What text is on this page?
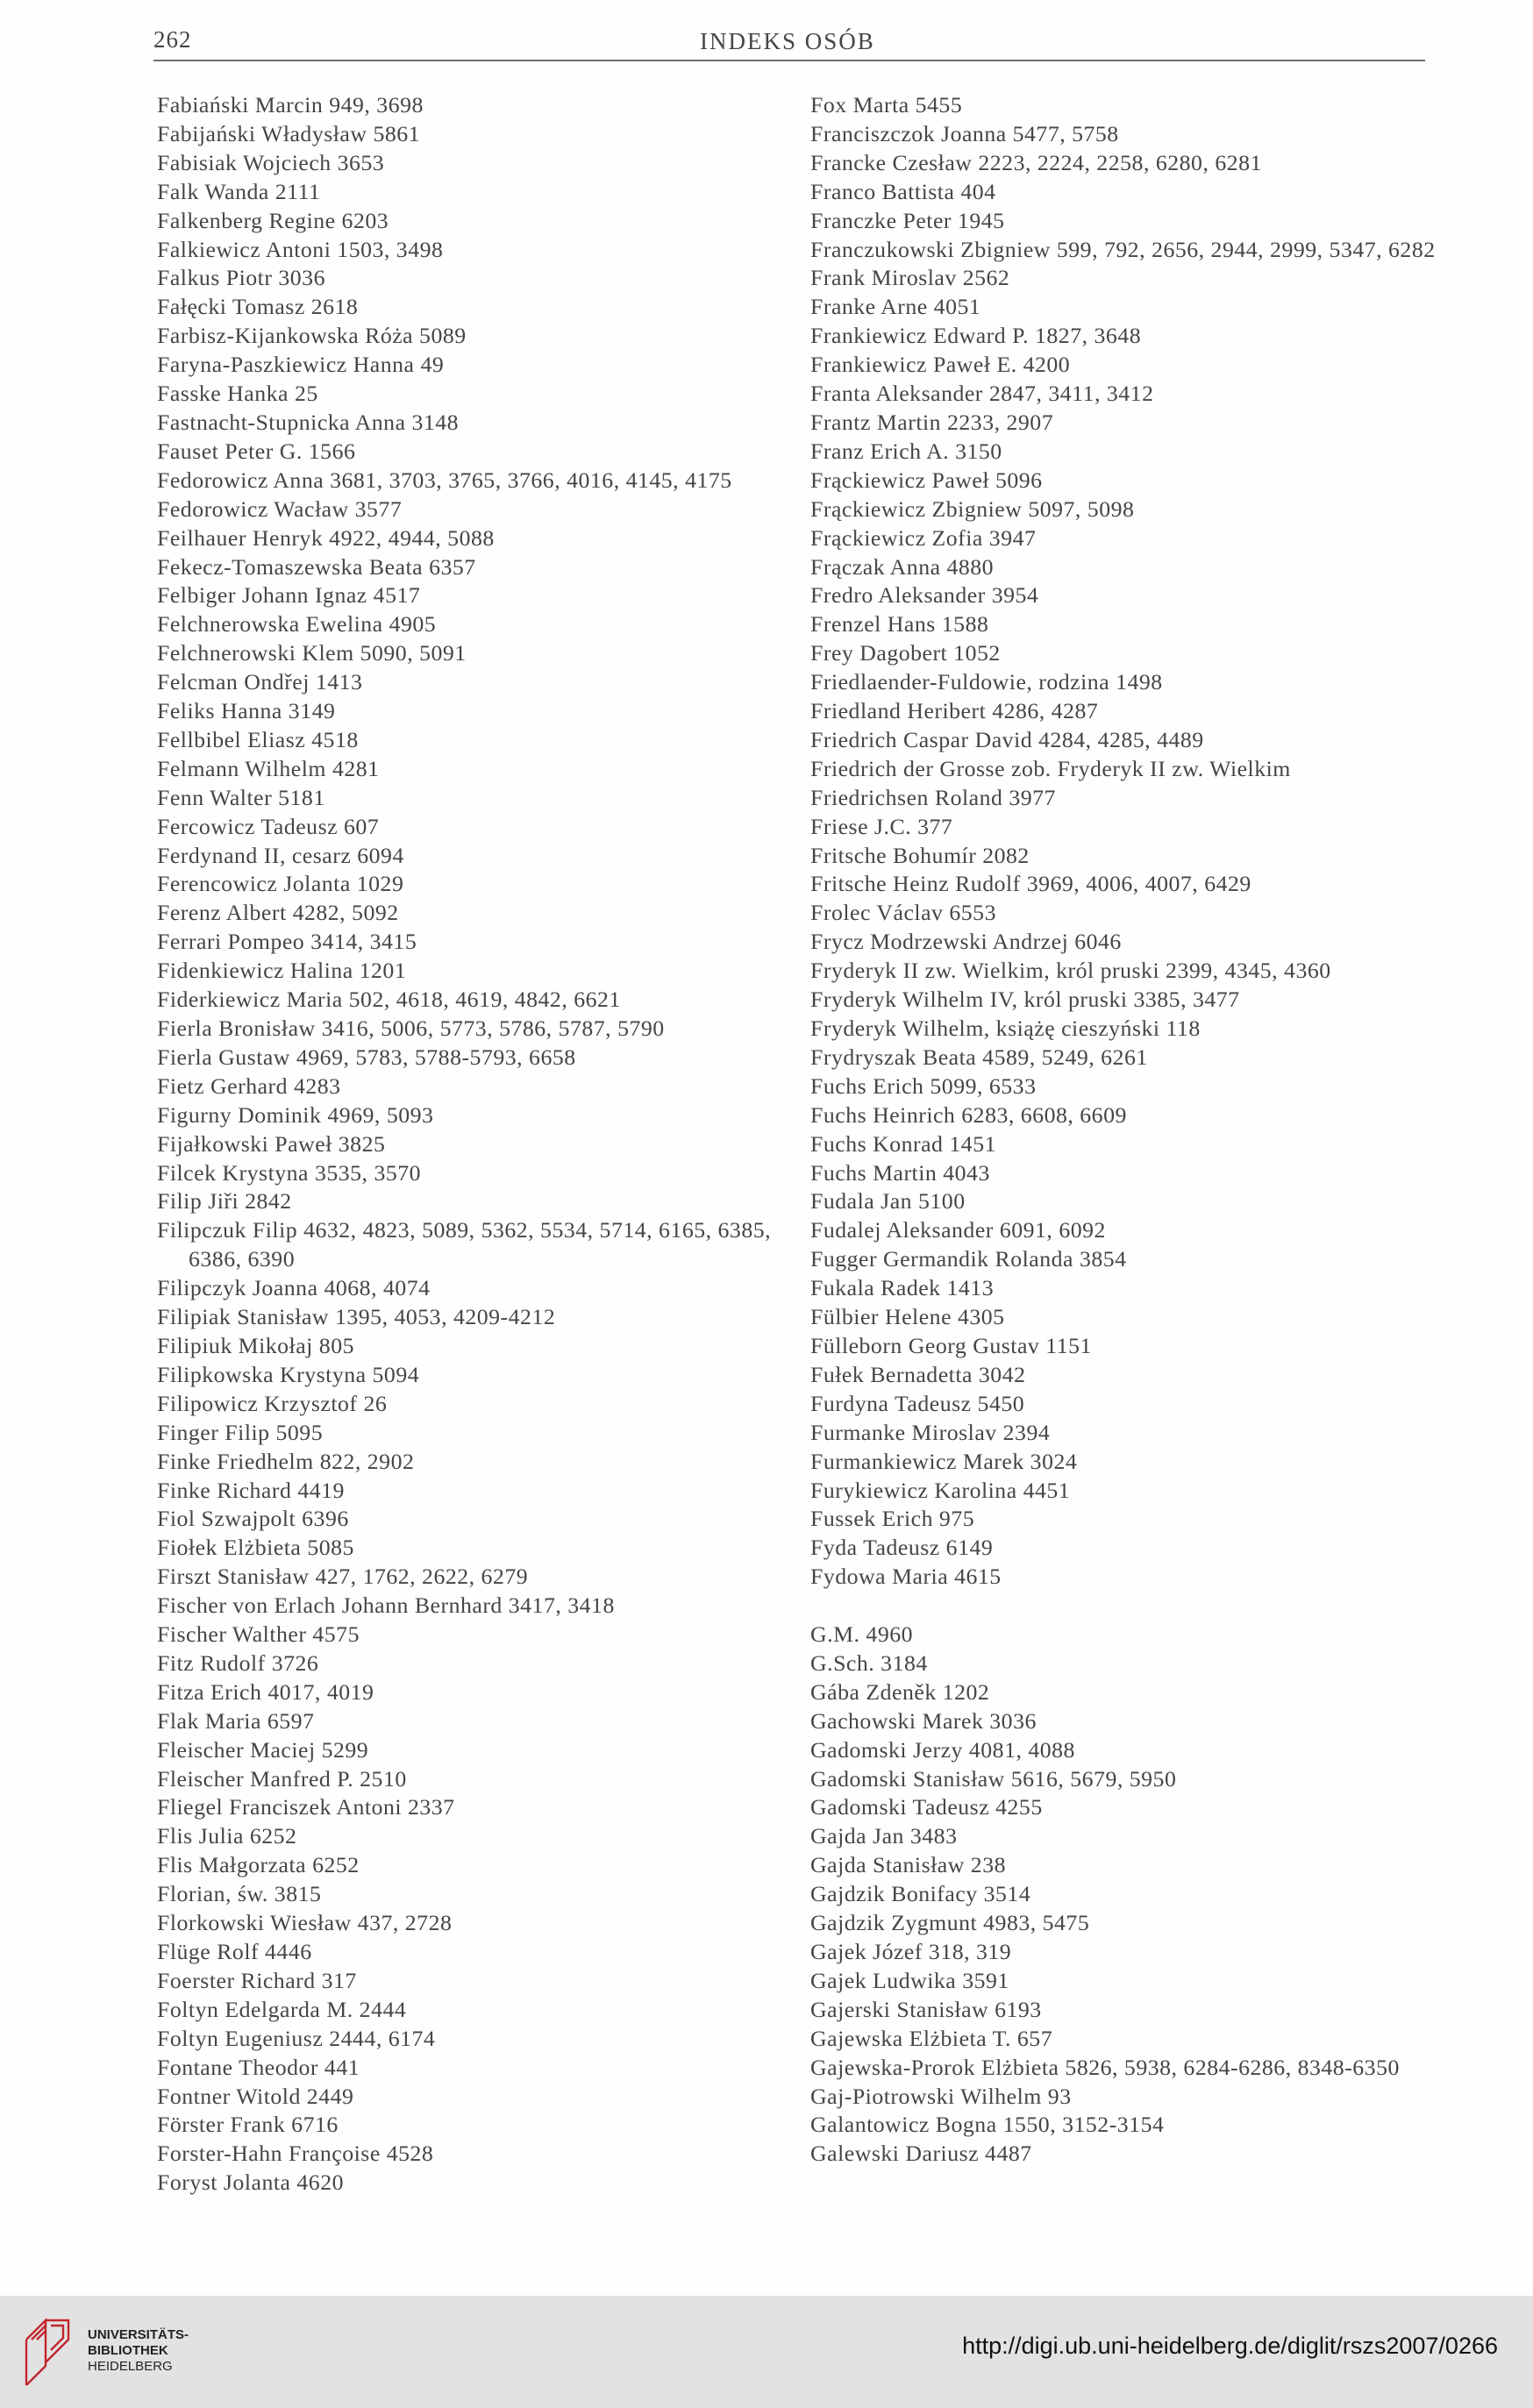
262	INDEKS OSÓB
Fabiański Marcin 949, 3698
Fabijański Władysław 5861
Fabisiak Wojciech 3653
Falk Wanda 2111
Falkenberg Regine 6203
Falkiewicz Antoni 1503, 3498
Falkus Piotr 3036
Fałęcki Tomasz 2618
Farbisz-Kijankowska Róża 5089
Faryna-Paszkiewicz Hanna 49
Fasske Hanka 25
Fastnacht-Stupnicka Anna 3148
Fauset Peter G. 1566
Fedorowicz Anna 3681, 3703, 3765, 3766, 4016, 4145, 4175
Fedorowicz Wacław 3577
Feilhauer Henryk 4922, 4944, 5088
Fekecz-Tomaszewska Beata 6357
Felbiger Johann Ignaz 4517
Felchnerowska Ewelina 4905
Felchnerowski Klem 5090, 5091
Felcman Ondřej 1413
Feliks Hanna 3149
Fellbibel Eliasz 4518
Felmann Wilhelm 4281
Fenn Walter 5181
Fercowicz Tadeusz 607
Ferdynand II, cesarz 6094
Ferencowicz Jolanta 1029
Ferenz Albert 4282, 5092
Ferrari Pompeo 3414, 3415
Fidenkiewicz Halina 1201
Fiderkiewicz Maria 502, 4618, 4619, 4842, 6621
Fierla Bronisław 3416, 5006, 5773, 5786, 5787, 5790
Fierla Gustaw 4969, 5783, 5788-5793, 6658
Fietz Gerhard 4283
Figurny Dominik 4969, 5093
Fijałkowski Paweł 3825
Filcek Krystyna 3535, 3570
Filip Jiři 2842
Filipczuk Filip 4632, 4823, 5089, 5362, 5534, 5714, 6165, 6385, 6386, 6390
Filipczyk Joanna 4068, 4074
Filipiak Stanisław 1395, 4053, 4209-4212
Filipiuk Mikołaj 805
Filipkowska Krystyna 5094
Filipowicz Krzysztof 26
Finger Filip 5095
Finke Friedhelm 822, 2902
Finke Richard 4419
Fiol Szwajpolt 6396
Fiołek Elżbieta 5085
Firszt Stanisław 427, 1762, 2622, 6279
Fischer von Erlach Johann Bernhard 3417, 3418
Fischer Walther 4575
Fitz Rudolf 3726
Fitza Erich 4017, 4019
Flak Maria 6597
Fleischer Maciej 5299
Fleischer Manfred P. 2510
Fliegel Franciszek Antoni 2337
Flis Julia 6252
Flis Małgorzata 6252
Florian, św. 3815
Florkowski Wiesław 437, 2728
Flüge Rolf 4446
Foerster Richard 317
Foltyn Edelgarda M. 2444
Foltyn Eugeniusz 2444, 6174
Fontane Theodor 441
Fontner Witold 2449
Förster Frank 6716
Forster-Hahn Françoise 4528
Foryst Jolanta 4620
Fox Marta 5455
Franciszczok Joanna 5477, 5758
Francke Czesław 2223, 2224, 2258, 6280, 6281
Franco Battista 404
Franczke Peter 1945
Franczukowski Zbigniew 599, 792, 2656, 2944, 2999, 5347, 6282
Frank Miroslav 2562
Franke Arne 4051
Frankiewicz Edward P. 1827, 3648
Frankiewicz Paweł E. 4200
Franta Aleksander 2847, 3411, 3412
Frantz Martin 2233, 2907
Franz Erich A. 3150
Frąckiewicz Paweł 5096
Frąckiewicz Zbigniew 5097, 5098
Frąckiewicz Zofia 3947
Frączak Anna 4880
Fredro Aleksander 3954
Frenzel Hans 1588
Frey Dagobert 1052
Friedlaender-Fuldowie, rodzina 1498
Friedland Heribert 4286, 4287
Friedrich Caspar David 4284, 4285, 4489
Friedrich der Grosse zob. Fryderyk II zw. Wielkim
Friedrichsen Roland 3977
Friese J.C. 377
Fritsche Bohumír 2082
Fritsche Heinz Rudolf 3969, 4006, 4007, 6429
Frolec Václav 6553
Frycz Modrzewski Andrzej 6046
Fryderyk II zw. Wielkim, król pruski 2399, 4345, 4360
Fryderyk Wilhelm IV, król pruski 3385, 3477
Fryderyk Wilhelm, książę cieszyński 118
Frydryszak Beata 4589, 5249, 6261
Fuchs Erich 5099, 6533
Fuchs Heinrich 6283, 6608, 6609
Fuchs Konrad 1451
Fuchs Martin 4043
Fudala Jan 5100
Fudalej Aleksander 6091, 6092
Fugger Germandik Rolanda 3854
Fukala Radek 1413
Fülbier Helene 4305
Fülleborn Georg Gustav 1151
Fułek Bernadetta 3042
Furdyna Tadeusz 5450
Furmanke Miroslav 2394
Furmankiewicz Marek 3024
Furykiewicz Karolina 4451
Fussek Erich 975
Fyda Tadeusz 6149
Fydowa Maria 4615
G.M. 4960
G.Sch. 3184
Gába Zdeněk 1202
Gachowski Marek 3036
Gadomski Jerzy 4081, 4088
Gadomski Stanisław 5616, 5679, 5950
Gadomski Tadeusz 4255
Gajda Jan 3483
Gajda Stanisław 238
Gajdzik Bonifacy 3514
Gajdzik Zygmunt 4983, 5475
Gajek Józef 318, 319
Gajek Ludwika 3591
Gajerski Stanisław 6193
Gajewska Elżbieta T. 657
Gajewska-Prorok Elżbieta 5826, 5938, 6284-6286, 8348-6350
Gaj-Piotrowski Wilhelm 93
Galantowicz Bogna 1550, 3152-3154
Galewski Dariusz 4487
UNIVERSITÄTS-
BIBLIOTHEK
HEIDELBERG
http://digi.ub.uni-heidelberg.de/diglit/rszs2007/0266
